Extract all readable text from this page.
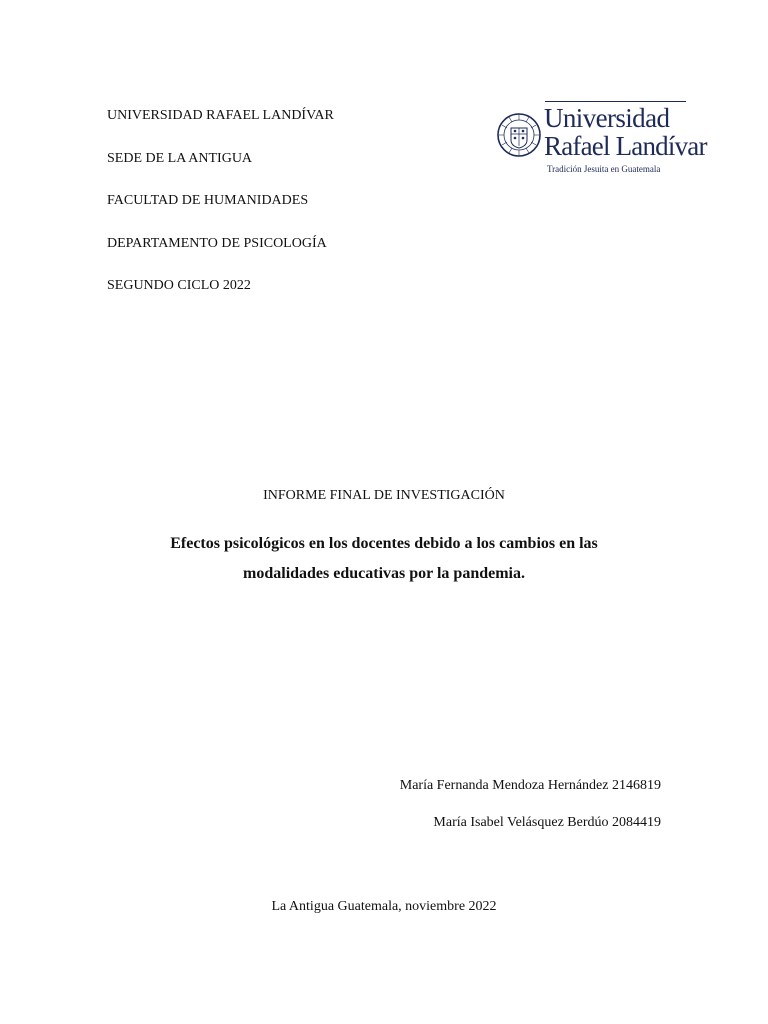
UNIVERSIDAD RAFAEL LANDÍVAR
SEDE DE LA ANTIGUA
FACULTAD DE HUMANIDADES
DEPARTAMENTO DE PSICOLOGÍA
SEGUNDO CICLO 2022
Universidad
Rafael Landívar
Tradición Jesuita en Guatemala
INFORME FINAL DE INVESTIGACIÓN
Efectos psicológicos en los docentes debido a los cambios en las
modalidades educativas por la pandemia.
María Fernanda Mendoza Hernández 2146819
María Isabel Velásquez Berdúo 2084419
La Antigua Guatemala, noviembre 2022
